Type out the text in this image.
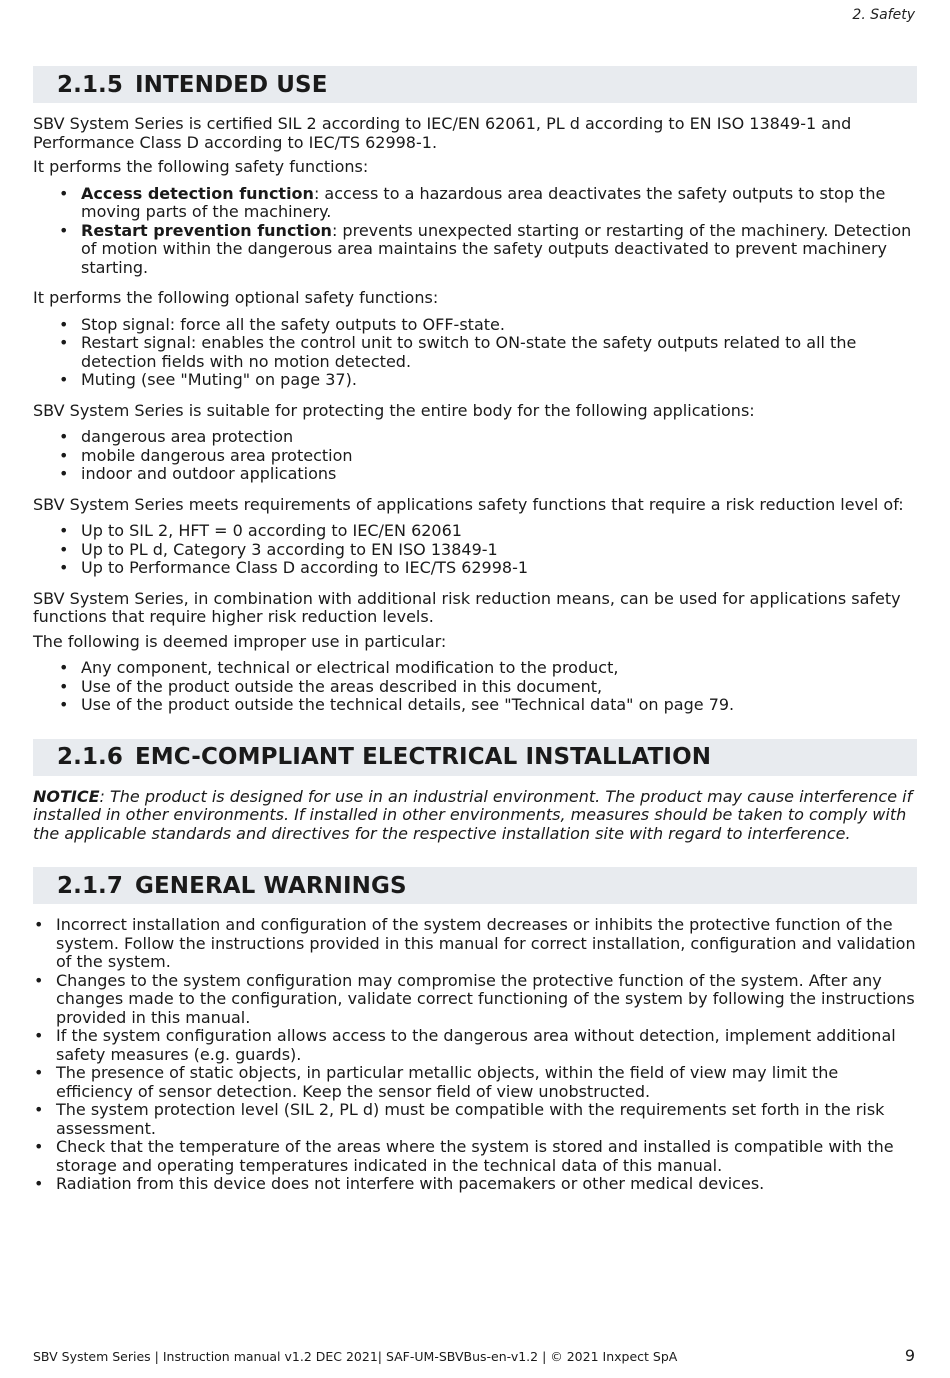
2. Safety
2.1.5 INTENDED USE

SBV System Series is certified SIL 2 according to IEC/EN 62061, PL d according to EN ISO 13849-1 and Performance Class D according to IEC/TS 62998-1.

It performs the following safety functions:

• Access detection function: access to a hazardous area deactivates the safety outputs to stop the moving parts of the machinery.
• Restart prevention function: prevents unexpected starting or restarting of the machinery. Detection of motion within the dangerous area maintains the safety outputs deactivated to prevent machinery starting.

It performs the following optional safety functions:

• Stop signal: force all the safety outputs to OFF-state.
• Restart signal: enables the control unit to switch to ON-state the safety outputs related to all the detection fields with no motion detected.
• Muting (see "Muting" on page 37).

SBV System Series is suitable for protecting the entire body for the following applications:

• dangerous area protection
• mobile dangerous area protection
• indoor and outdoor applications

SBV System Series meets requirements of applications safety functions that require a risk reduction level of:

• Up to SIL 2, HFT = 0 according to IEC/EN 62061
• Up to PL d, Category 3 according to EN ISO 13849-1
• Up to Performance Class D according to IEC/TS 62998-1

SBV System Series, in combination with additional risk reduction means, can be used for applications safety functions that require higher risk reduction levels.

The following is deemed improper use in particular:

• Any component, technical or electrical modification to the product,
• Use of the product outside the areas described in this document,
• Use of the product outside the technical details, see "Technical data" on page 79.
2.1.6 EMC-COMPLIANT ELECTRICAL INSTALLATION

NOTICE: The product is designed for use in an industrial environment. The product may cause interference if installed in other environments. If installed in other environments, measures should be taken to comply with the applicable standards and directives for the respective installation site with regard to interference.

2.1.7 GENERAL WARNINGS
• Incorrect installation and configuration of the system decreases or inhibits the protective function of the system. Follow the instructions provided in this manual for correct installation, configuration and validation of the system.
• Changes to the system configuration may compromise the protective function of the system. After any changes made to the configuration, validate correct functioning of the system by following the instructions provided in this manual.
• If the system configuration allows access to the dangerous area without detection, implement additional safety measures (e.g. guards).
• The presence of static objects, in particular metallic objects, within the field of view may limit the efficiency of sensor detection. Keep the sensor field of view unobstructed.
• The system protection level (SIL 2, PL d) must be compatible with the requirements set forth in the risk assessment.
• Check that the temperature of the areas where the system is stored and installed is compatible with the storage and operating temperatures indicated in the technical data of this manual.
• Radiation from this device does not interfere with pacemakers or other medical devices.
SBV System Series | Instruction manual v1.2 DEC 2021| SAF-UM-SBVBus-en-v1.2 | © 2021 Inxpect SpA	9
